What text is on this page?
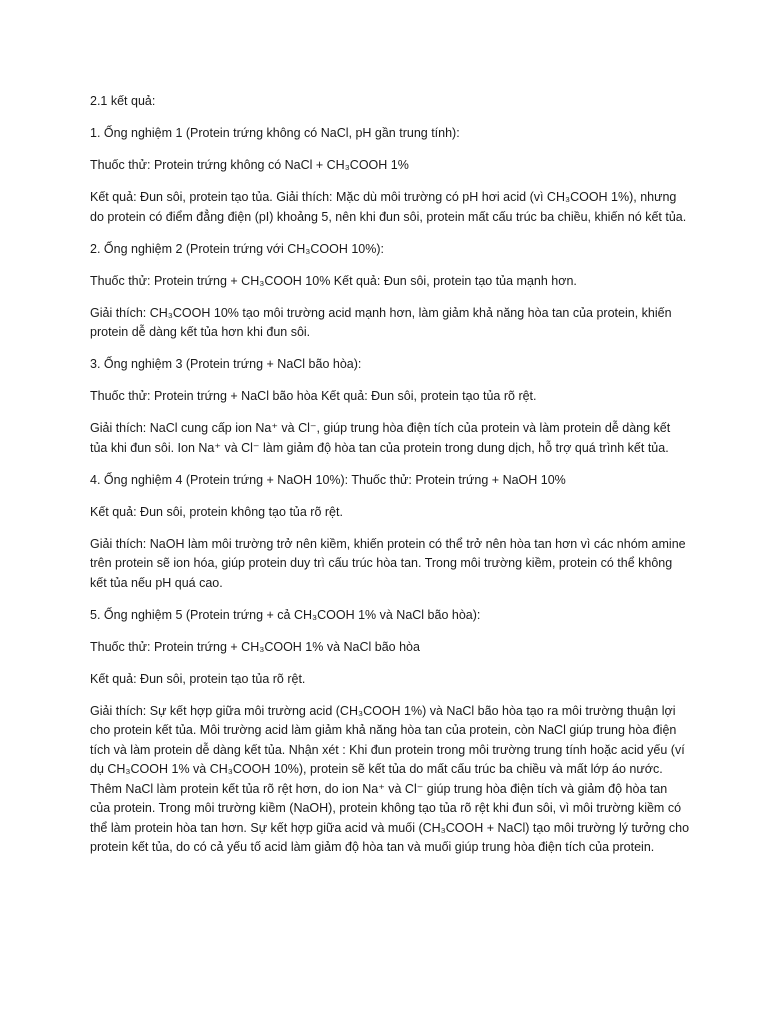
2.1 kết quả:

1. Ống nghiệm 1 (Protein trứng không có NaCl, pH gần trung tính):

Thuốc thử: Protein trứng không có NaCl + CH₃COOH 1%

Kết quả: Đun sôi, protein tạo tủa. Giải thích: Mặc dù môi trường có pH hơi acid (vì CH₃COOH 1%), nhưng do protein có điểm đẳng điện (pI) khoảng 5, nên khi đun sôi, protein mất cấu trúc ba chiều, khiến nó kết tủa.

2. Ống nghiệm 2 (Protein trứng với CH₃COOH 10%):

Thuốc thử: Protein trứng + CH₃COOH 10% Kết quả: Đun sôi, protein tạo tủa mạnh hơn.

Giải thích: CH₃COOH 10% tạo môi trường acid mạnh hơn, làm giảm khả năng hòa tan của protein, khiến protein dễ dàng kết tủa hơn khi đun sôi.

3. Ống nghiệm 3 (Protein trứng + NaCl bão hòa):

Thuốc thử: Protein trứng + NaCl bão hòa Kết quả: Đun sôi, protein tạo tủa rõ rệt.

Giải thích: NaCl cung cấp ion Na⁺ và Cl⁻, giúp trung hòa điện tích của protein và làm protein dễ dàng kết tủa khi đun sôi. Ion Na⁺ và Cl⁻ làm giảm độ hòa tan của protein trong dung dịch, hỗ trợ quá trình kết tủa.

4. Ống nghiệm 4 (Protein trứng + NaOH 10%): Thuốc thử: Protein trứng + NaOH 10%

Kết quả: Đun sôi, protein không tạo tủa rõ rệt.

Giải thích: NaOH làm môi trường trở nên kiềm, khiến protein có thể trở nên hòa tan hơn vì các nhóm amine trên protein sẽ ion hóa, giúp protein duy trì cấu trúc hòa tan. Trong môi trường kiềm, protein có thể không kết tủa nếu pH quá cao.

5. Ống nghiệm 5 (Protein trứng + cả CH₃COOH 1% và NaCl bão hòa):

Thuốc thử: Protein trứng + CH₃COOH 1% và NaCl bão hòa

Kết quả: Đun sôi, protein tạo tủa rõ rệt.

Giải thích: Sự kết hợp giữa môi trường acid (CH₃COOH 1%) và NaCl bão hòa tạo ra môi trường thuận lợi cho protein kết tủa. Môi trường acid làm giảm khả năng hòa tan của protein, còn NaCl giúp trung hòa điện tích và làm protein dễ dàng kết tủa. Nhận xét : Khi đun protein trong môi trường trung tính hoặc acid yếu (ví dụ CH₃COOH 1% và CH₃COOH 10%), protein sẽ kết tủa do mất cấu trúc ba chiều và mất lớp áo nước. Thêm NaCl làm protein kết tủa rõ rệt hơn, do ion Na⁺ và Cl⁻ giúp trung hòa điện tích và giảm độ hòa tan của protein. Trong môi trường kiềm (NaOH), protein không tạo tủa rõ rệt khi đun sôi, vì môi trường kiềm có thể làm protein hòa tan hơn. Sự kết hợp giữa acid và muối (CH₃COOH + NaCl) tạo môi trường lý tưởng cho protein kết tủa, do có cả yếu tố acid làm giảm độ hòa tan và muối giúp trung hòa điện tích của protein.
